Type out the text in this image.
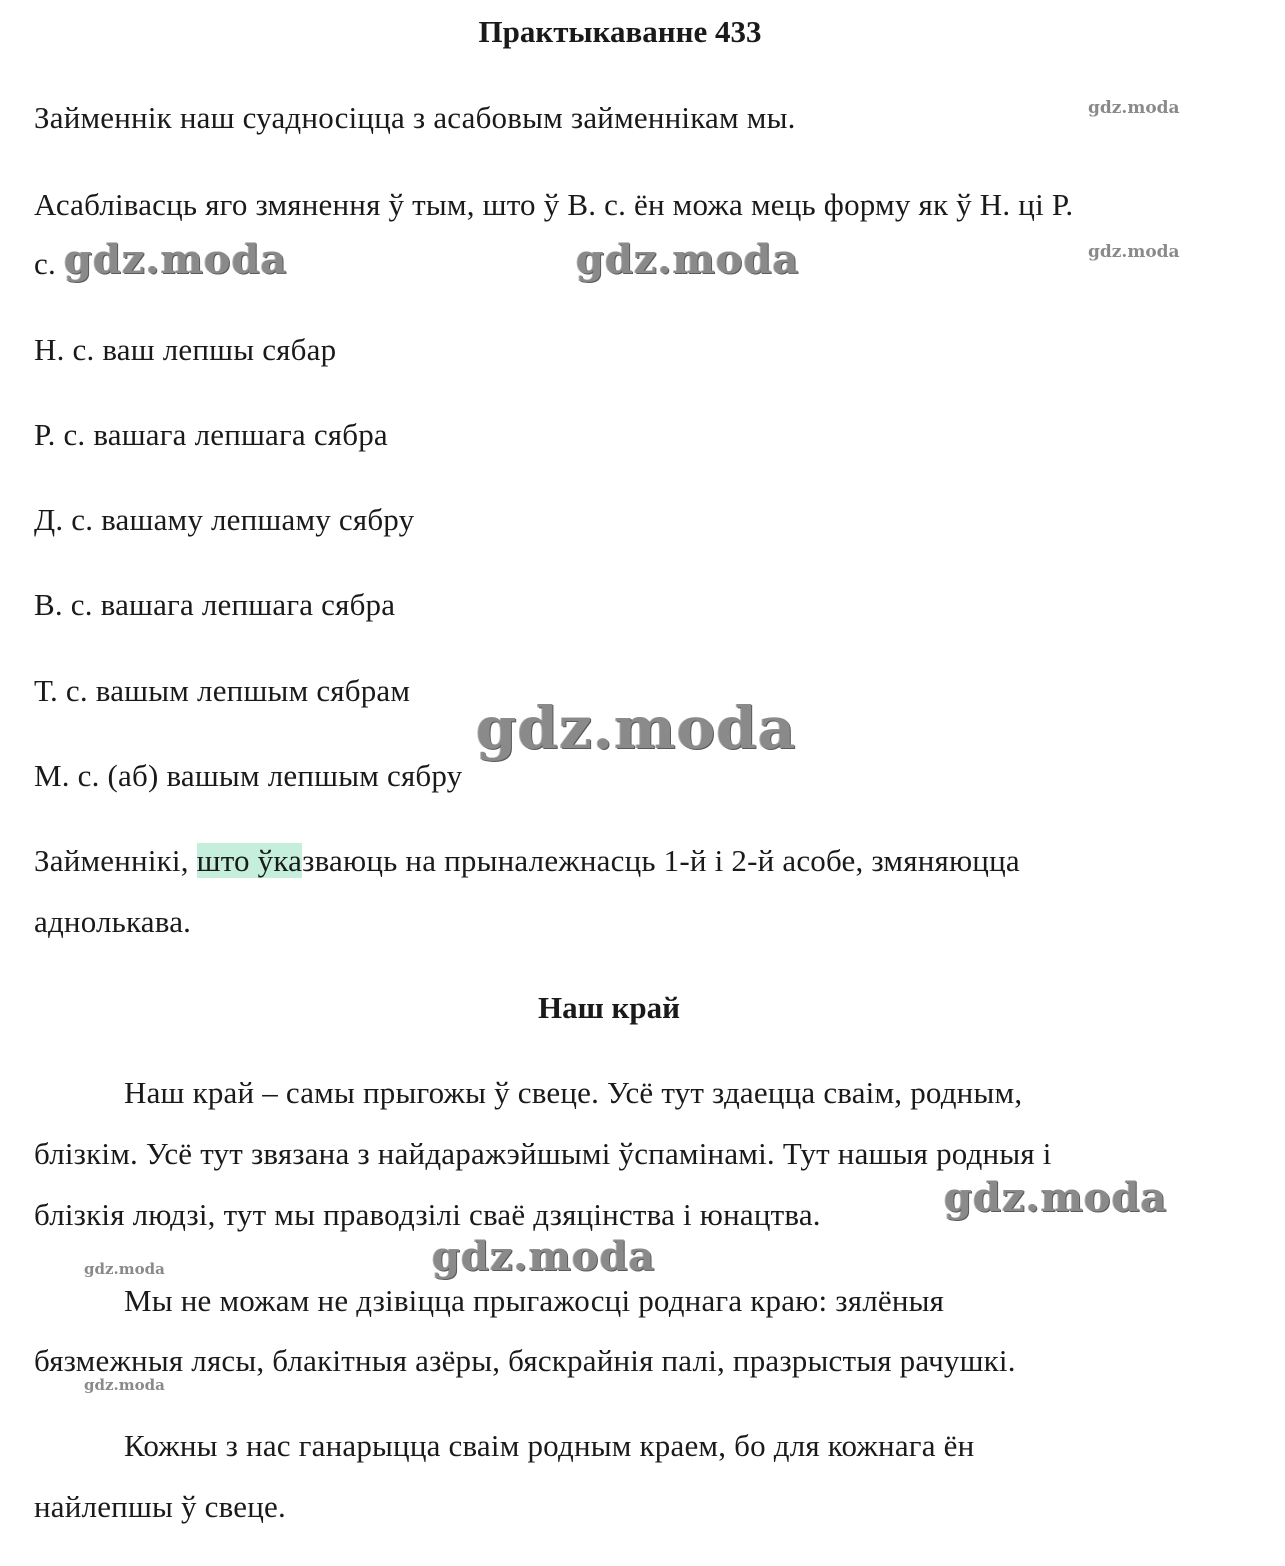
Практыкаванне 433
Займеннік наш суадносіцца з асабовым займеннікам мы.
Асаблівасць яго змянення ў тым, што ў В. с. ён можа мець форму як ў Н. ці Р.
с.
Н. с. ваш лепшы сябар
Р. с. вашага лепшага сябра
Д. с. вашаму лепшаму сябру
В. с. вашага лепшага сябра
Т. с. вашым лепшым сябрам
М. с. (аб) вашым лепшым сябру
Займеннікі, што ўказваюць на прыналежнасць 1-й і 2-й асобе, змяняюцца
аднолькава.
Наш край
Наш край – самы прыгожы ў свеце. Усё тут здаецца сваім, родным,
блізкім. Усё тут звязана з найдаражэйшымі ўспамінамі. Тут нашыя родныя і
блізкія людзі, тут мы праводзілі сваё дзяцінства і юнацтва.
Мы не можам не дзівіцца прыгажосці роднага краю: зялёныя
бязмежныя лясы, блакітныя азёры, бяскрайнія палі, празрыстыя рачушкі.
Кожны з нас ганарыцца сваім родным краем, бо для кожнага ён
найлепшы ў свеце.
gdz.moda
gdz.moda
gdz.moda	gdz.moda
gdz.moda
gdz.moda
gdz.moda
gdz.moda
gdz.moda
